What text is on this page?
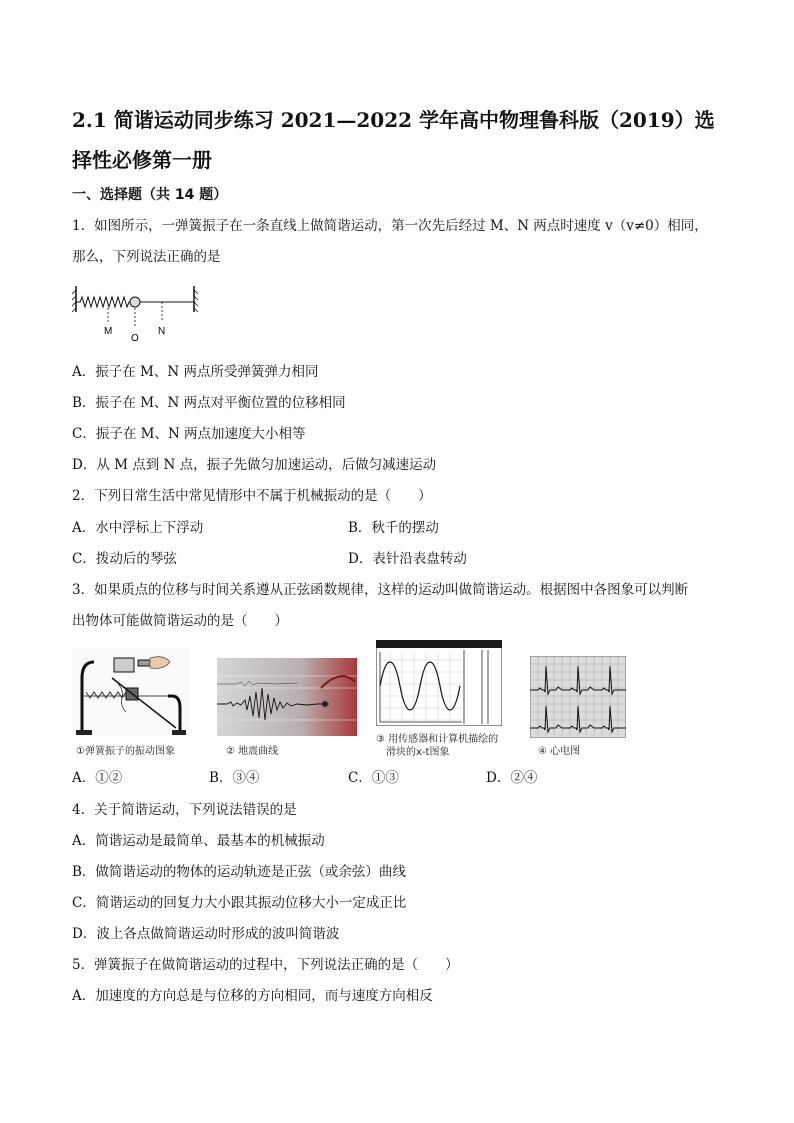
2.1 简谐运动同步练习 2021—2022 学年高中物理鲁科版（2019）选择性必修第一册
一、选择题（共 14 题）
1．如图所示，一弹簧振子在一条直线上做简谐运动，第一次先后经过 M、N 两点时速度 v（v≠0）相同，
那么，下列说法正确的是
M
O
N
A．振子在 M、N 两点所受弹簧弹力相同
B．振子在 M、N 两点对平衡位置的位移相同
C．振子在 M、N 两点加速度大小相等
D．从 M 点到 N 点，振子先做匀加速运动，后做匀减速运动
2．下列日常生活中常见情形中不属于机械振动的是（　　）
A．水中浮标上下浮动	B．秋千的摆动
C．拨动后的琴弦	D．表针沿表盘转动
3．如果质点的位移与时间关系遵从正弦函数规律，这样的运动叫做简谐运动。根据图中各图象可以判断
出物体可能做简谐运动的是（　　）
①弹簧振子的振动图象	② 地震曲线
③ 用传感器和计算机描绘的
滑块的x-t图象	④ 心电图
A．①②	B．③④	C．①③	D．②④
4．关于简谐运动，下列说法错误的是
A．简谐运动是最简单、最基本的机械振动
B．做简谐运动的物体的运动轨迹是正弦（或余弦）曲线
C．简谐运动的回复力大小跟其振动位移大小一定成正比
D．波上各点做简谐运动时形成的波叫简谐波
5．弹簧振子在做简谐运动的过程中，下列说法正确的是（　　）
A．加速度的方向总是与位移的方向相同，而与速度方向相反
